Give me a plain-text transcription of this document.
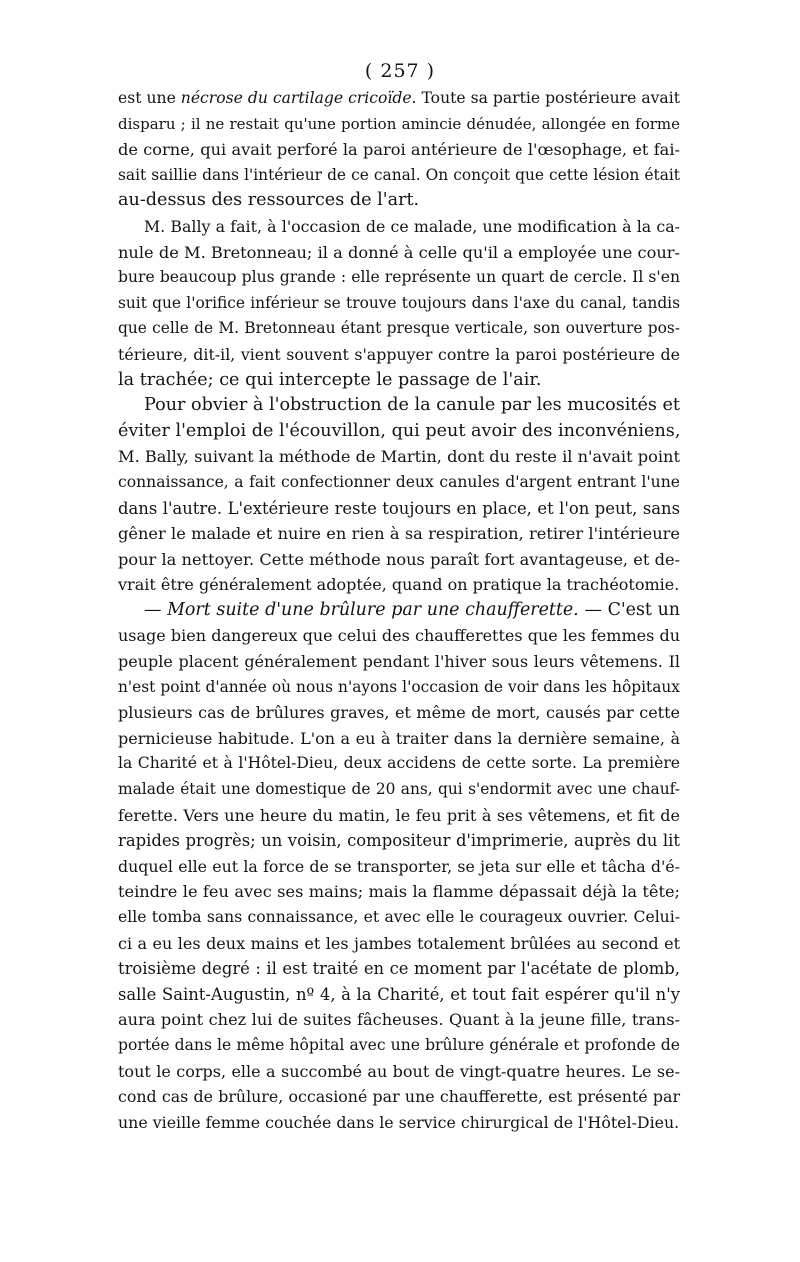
( 257 )
est une nécrose du cartilage cricoïde. Toute sa partie postérieure avait
disparu ; il ne restait qu'une portion amincie dénudée, allongée en forme
de corne, qui avait perforé la paroi antérieure de l'œsophage, et fai-
sait saillie dans l'intérieur de ce canal. On conçoit que cette lésion était
au-dessus des ressources de l'art.
M. Bally a fait, à l'occasion de ce malade, une modification à la ca-
nule de M. Bretonneau; il a donné à celle qu'il a employée une cour-
bure beaucoup plus grande : elle représente un quart de cercle. Il s'en
suit que l'orifice inférieur se trouve toujours dans l'axe du canal, tandis
que celle de M. Bretonneau étant presque verticale, son ouverture pos-
térieure, dit-il, vient souvent s'appuyer contre la paroi postérieure de
la trachée; ce qui intercepte le passage de l'air.
Pour obvier à l'obstruction de la canule par les mucosités et
éviter l'emploi de l'écouvillon, qui peut avoir des inconvéniens,
M. Bally, suivant la méthode de Martin, dont du reste il n'avait point
connaissance, a fait confectionner deux canules d'argent entrant l'une
dans l'autre. L'extérieure reste toujours en place, et l'on peut, sans
gêner le malade et nuire en rien à sa respiration, retirer l'intérieure
pour la nettoyer. Cette méthode nous paraît fort avantageuse, et de-
vrait être généralement adoptée, quand on pratique la trachéotomie.
— Mort suite d'une brûlure par une chaufferette. — C'est un
usage bien dangereux que celui des chaufferettes que les femmes du
peuple placent généralement pendant l'hiver sous leurs vêtemens. Il
n'est point d'année où nous n'ayons l'occasion de voir dans les hôpitaux
plusieurs cas de brûlures graves, et même de mort, causés par cette
pernicieuse habitude. L'on a eu à traiter dans la dernière semaine, à
la Charité et à l'Hôtel-Dieu, deux accidens de cette sorte. La première
malade était une domestique de 20 ans, qui s'endormit avec une chauf-
ferette. Vers une heure du matin, le feu prit à ses vêtemens, et fit de
rapides progrès; un voisin, compositeur d'imprimerie, auprès du lit
duquel elle eut la force de se transporter, se jeta sur elle et tâcha d'é-
teindre le feu avec ses mains; mais la flamme dépassait déjà la tête;
elle tomba sans connaissance, et avec elle le courageux ouvrier. Celui-
ci a eu les deux mains et les jambes totalement brûlées au second et
troisième degré : il est traité en ce moment par l'acétate de plomb,
salle Saint-Augustin, nº 4, à la Charité, et tout fait espérer qu'il n'y
aura point chez lui de suites fâcheuses. Quant à la jeune fille, trans-
portée dans le même hôpital avec une brûlure générale et profonde de
tout le corps, elle a succombé au bout de vingt-quatre heures. Le se-
cond cas de brûlure, occasioné par une chaufferette, est présenté par
une vieille femme couchée dans le service chirurgical de l'Hôtel-Dieu.
